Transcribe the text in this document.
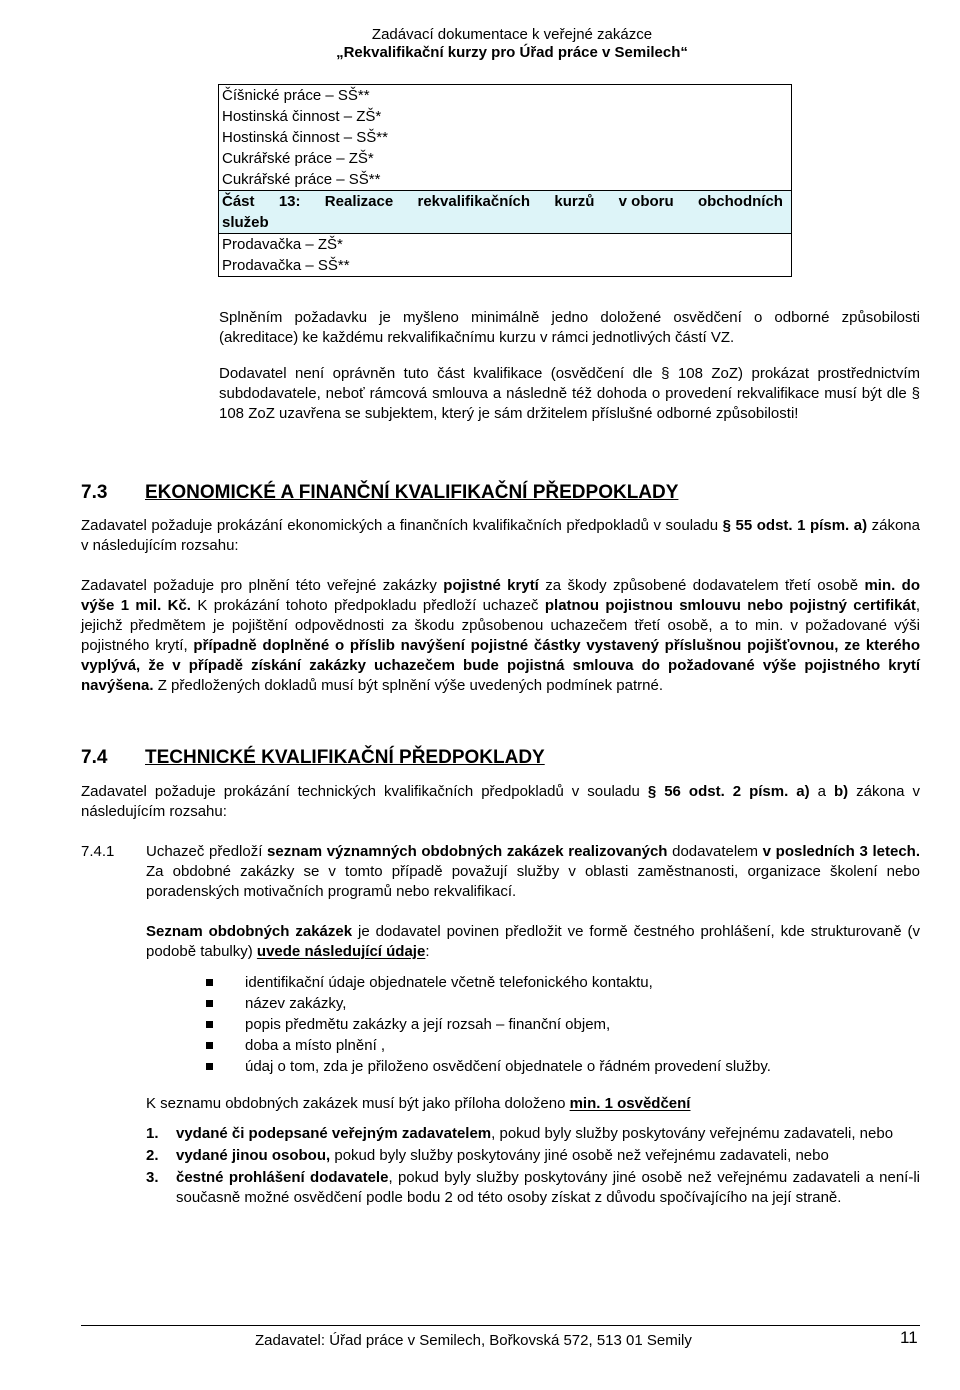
Zadávací dokumentace k veřejné zakázce
„Rekvalifikační kurzy pro Úřad práce v Semilech“
Číšnické práce – SŠ**
Hostinská činnost – ZŠ*
Hostinská činnost – SŠ**
Cukrářské práce – ZŠ*
Cukrářské práce – SŠ**
Část 13: Realizace rekvalifikačních kurzů v oboru obchodních
služeb
Prodavačka – ZŠ*
Prodavačka – SŠ**
Splněním požadavku je myšleno minimálně jedno doložené osvědčení o odborné způsobilosti (akreditace) ke každému rekvalifikačnímu kurzu v rámci jednotlivých částí VZ.
Dodavatel není oprávněn tuto část kvalifikace (osvědčení dle § 108 ZoZ) prokázat prostřednictvím subdodavatele, neboť rámcová smlouva a následně též dohoda o provedení rekvalifikace musí být dle § 108 ZoZ uzavřena se subjektem, který je sám držitelem příslušné odborné způsobilosti!
7.3 EKONOMICKÉ A FINANČNÍ KVALIFIKAČNÍ PŘEDPOKLADY
Zadavatel požaduje prokázání ekonomických a finančních kvalifikačních předpokladů v souladu § 55 odst. 1 písm. a) zákona v následujícím rozsahu:
Zadavatel požaduje pro plnění této veřejné zakázky pojistné krytí za škody způsobené dodavatelem třetí osobě min. do výše 1 mil. Kč. K prokázání tohoto předpokladu předloží uchazeč platnou pojistnou smlouvu nebo pojistný certifikát, jejichž předmětem je pojištění odpovědnosti za škodu způsobenou uchazečem třetí osobě, a to min. v požadované výši pojistného krytí, případně doplněné o příslib navýšení pojistné částky vystavený příslušnou pojišťovnou, ze kterého vyplývá, že v případě získání zakázky uchazečem bude pojistná smlouva do požadované výše pojistného krytí navýšena. Z předložených dokladů musí být splnění výše uvedených podmínek patrné.
7.4 TECHNICKÉ KVALIFIKAČNÍ PŘEDPOKLADY
Zadavatel požaduje prokázání technických kvalifikačních předpokladů v souladu § 56 odst. 2 písm. a) a b) zákona v následujícím rozsahu:
7.4.1	Uchazeč předloží seznam významných obdobných zakázek realizovaných dodavatelem v posledních 3 letech. Za obdobné zakázky se v tomto případě považují služby v oblasti zaměstnanosti, organizace školení nebo poradenských motivačních programů nebo rekvalifikací.
Seznam obdobných zakázek je dodavatel povinen předložit ve formě čestného prohlášení, kde strukturovaně (v podobě tabulky) uvede následující údaje:
identifikační údaje objednatele včetně telefonického kontaktu,
název zakázky,
popis předmětu zakázky a její rozsah – finanční objem,
doba a místo plnění ,
údaj o tom, zda je přiloženo osvědčení objednatele o řádném provedení služby.
K seznamu obdobných zakázek musí být jako příloha doloženo min. 1 osvědčení
1. vydané či podepsané veřejným zadavatelem, pokud byly služby poskytovány veřejnému zadavateli, nebo
2. vydané jinou osobou, pokud byly služby poskytovány jiné osobě než veřejnému zadavateli, nebo
3. čestné prohlášení dodavatele, pokud byly služby poskytovány jiné osobě než veřejnému zadavateli a není-li současně možné osvědčení podle bodu 2 od této osoby získat z důvodu spočívajícího na její straně.
Zadavatel: Úřad práce v Semilech, Bořkovská 572, 513 01 Semily	11
